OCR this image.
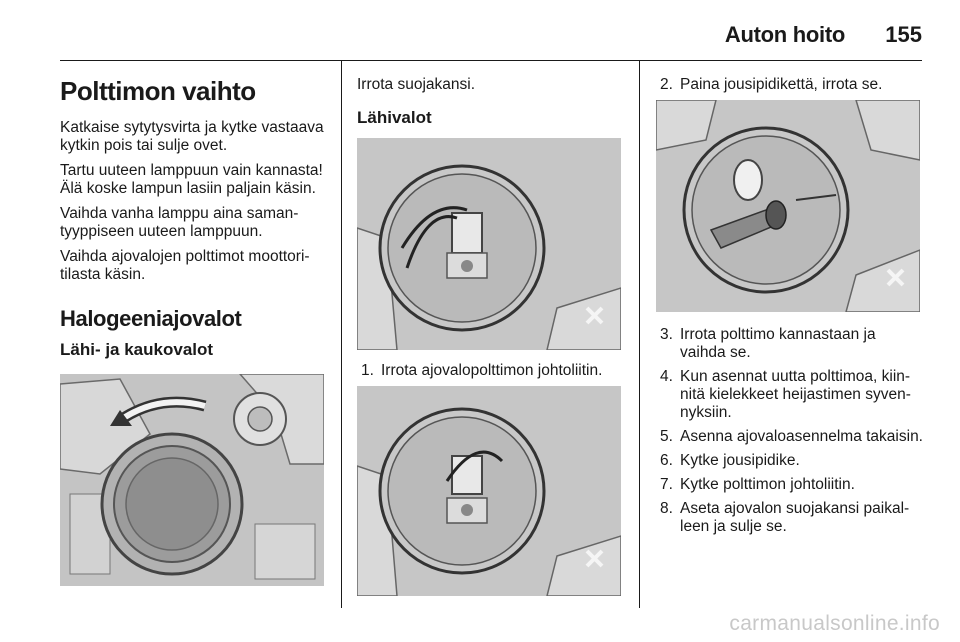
Auton hoito	155
Polttimon vaihto

Katkaise sytytysvirta ja kytke vastaava kytkin pois tai sulje ovet.

Tartu uuteen lamppuun vain kannasta! Älä koske lampun lasiin paljain käsin.

Vaihda vanha lamppu aina samantyyppiseen uuteen lamppuun.

Vaihda ajovalojen polttimot moottoritilasta käsin.

Halogeeniajovalot
Lähi- ja kaukovalot

Irrota suojakansi.

Lähivalot
1. Irrota ajovalopolttimon johtoliitin.
2. Paina jousipidikettä, irrota se.
3. Irrota polttimo kannastaan ja vaihda se.
4. Kun asennat uutta polttimoa, kiinnitä kielekkeet heijastimen syvennyksiin.
5. Asenna ajovaloasennelma takaisin.
6. Kytke jousipidike.
7. Kytke polttimon johtoliitin.
8. Aseta ajovalon suojakansi paikalleen ja sulje se.
carmanualsonline.info
